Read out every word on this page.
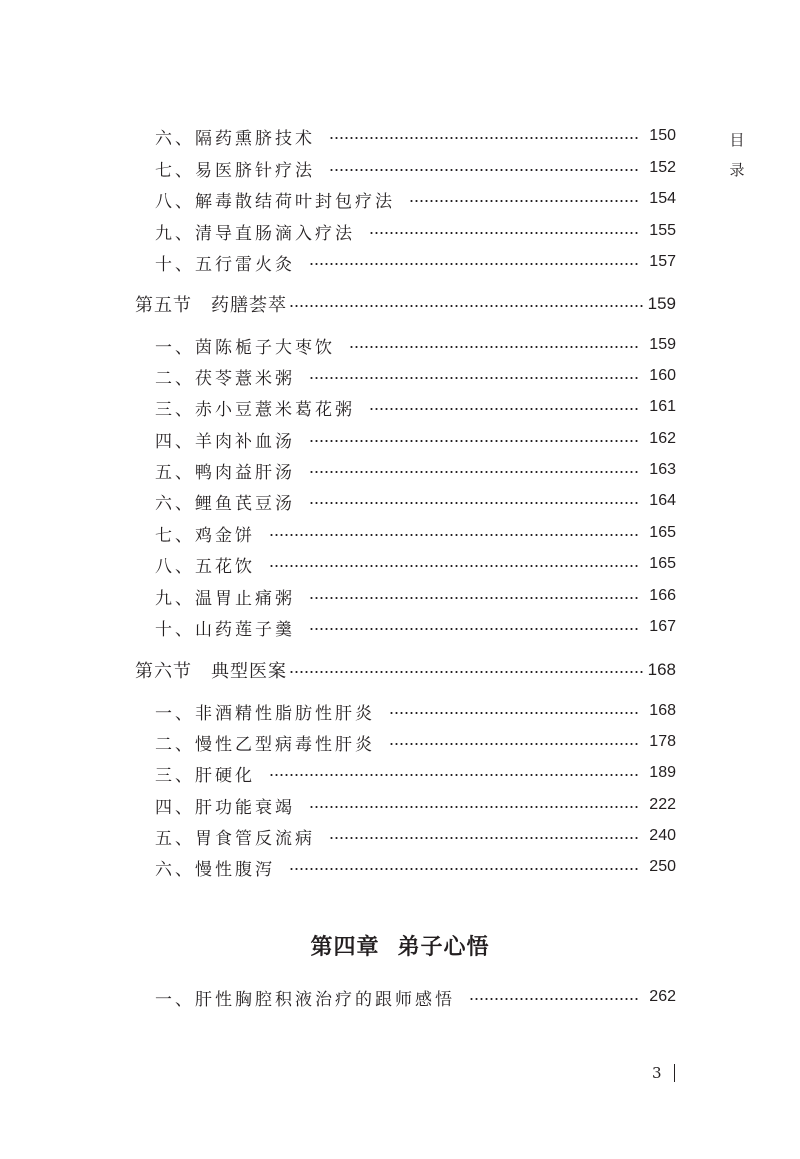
目
录
六、隔药熏脐技术	150
七、易医脐针疗法	152
八、解毒散结荷叶封包疗法	154
九、清导直肠滴入疗法	155
十、五行雷火灸	157
第五节　药膳荟萃	159
一、茵陈栀子大枣饮	159
二、茯苓薏米粥	160
三、赤小豆薏米葛花粥	161
四、羊肉补血汤	162
五、鸭肉益肝汤	163
六、鲤鱼芪豆汤	164
七、鸡金饼	165
八、五花饮	165
九、温胃止痛粥	166
十、山药莲子羹	167
第六节　典型医案	168
一、非酒精性脂肪性肝炎	168
二、慢性乙型病毒性肝炎	178
三、肝硬化	189
四、肝功能衰竭	222
五、胃食管反流病	240
六、慢性腹泻	250
第四章 弟子心悟
一、肝性胸腔积液治疗的跟师感悟	262
3
